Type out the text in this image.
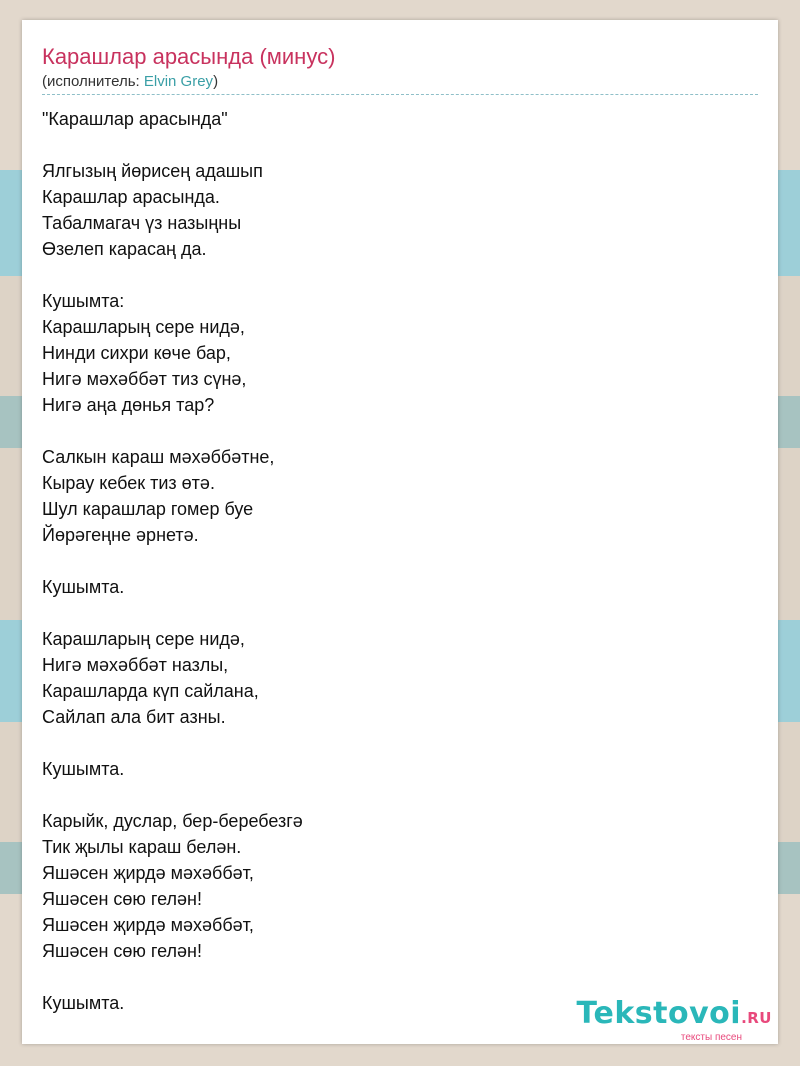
Карашлар арасында (минус)
(исполнитель: Elvin Grey)
"Карашлар арасында"
Ялгызың йөрисең адашып
Карашлар арасында.
Табалмагач үз назыңны
Өзелеп карасаң да.
Кушымта:
Карашларың сере нидә,
Нинди сихри көче бар,
Нигә мәхәббәт тиз сүнә,
Нигә аңа дөнья тар?
Салкын караш мәхәббәтне,
Кырау кебек тиз өтә.
Шул карашлар гомер буе
Йөрәгеңне әрнетә.
Кушымта.
Карашларың сере нидә,
Нигә мәхәббәт назлы,
Карашларда күп сайлана,
Сайлап ала бит азны.
Кушымта.
Карыйк, дуслар, бер-беребезгә
Тик җылы караш белән.
Яшәсен җирдә мәхәббәт,
Яшәсен сөю гелән!
Яшәсен җирдә мәхәббәт,
Яшәсен сөю гелән!
Кушымта.	Tekstovoi.RU
тексты песен
